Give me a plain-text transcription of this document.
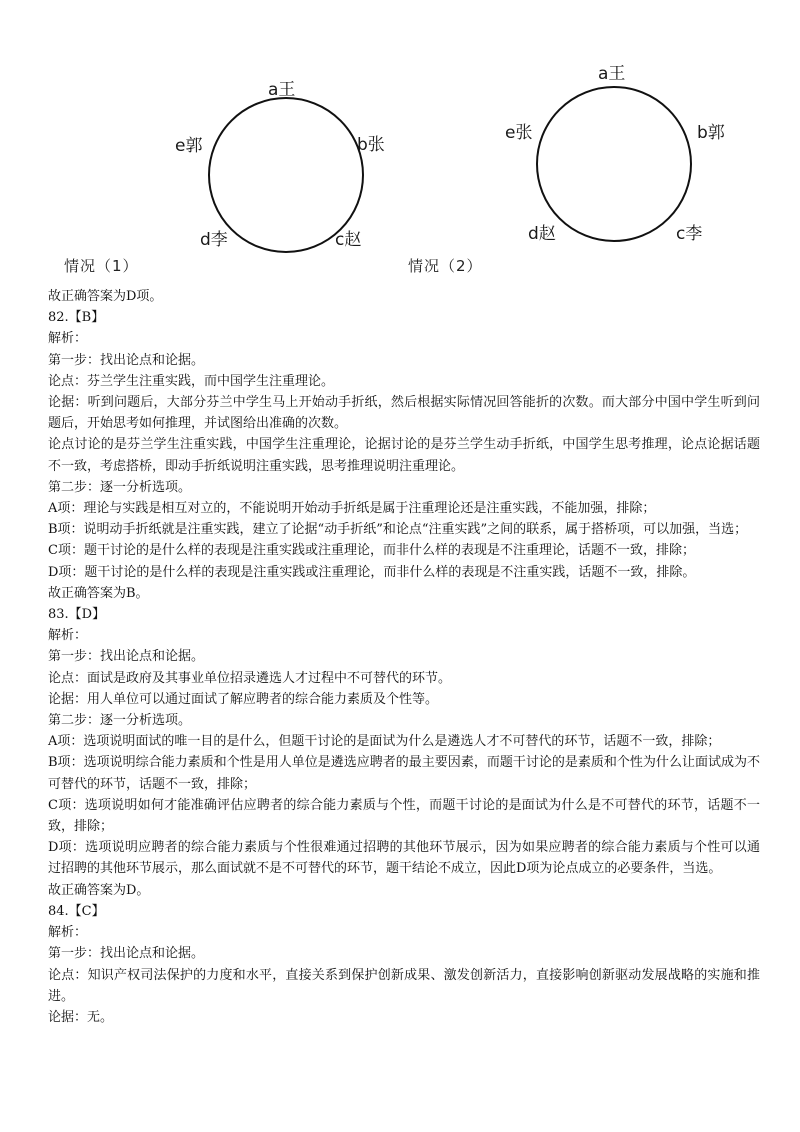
a王
b张
c赵
d李
e郭
情况（1）
a王
b郭
c李
d赵
e张
情况（2）
故正确答案为D项。
82.【B】
解析：
第一步：找出论点和论据。
论点：芬兰学生注重实践，而中国学生注重理论。
论据：听到问题后，大部分芬兰中学生马上开始动手折纸，然后根据实际情况回答能折的次数。而大部分中国中学生听到问题后，开始思考如何推理，并试图给出准确的次数。
论点讨论的是芬兰学生注重实践，中国学生注重理论，论据讨论的是芬兰学生动手折纸，中国学生思考推理，论点论据话题不一致，考虑搭桥，即动手折纸说明注重实践，思考推理说明注重理论。
第二步：逐一分析选项。
A项：理论与实践是相互对立的，不能说明开始动手折纸是属于注重理论还是注重实践，不能加强，排除；
B项：说明动手折纸就是注重实践，建立了论据“动手折纸”和论点“注重实践”之间的联系，属于搭桥项，可以加强，当选；
C项：题干讨论的是什么样的表现是注重实践或注重理论，而非什么样的表现是不注重理论，话题不一致，排除；
D项：题干讨论的是什么样的表现是注重实践或注重理论，而非什么样的表现是不注重实践，话题不一致，排除。
故正确答案为B。
83.【D】
解析：
第一步：找出论点和论据。
论点：面试是政府及其事业单位招录遴选人才过程中不可替代的环节。
论据：用人单位可以通过面试了解应聘者的综合能力素质及个性等。
第二步：逐一分析选项。
A项：选项说明面试的唯一目的是什么，但题干讨论的是面试为什么是遴选人才不可替代的环节，话题不一致，排除；
B项：选项说明综合能力素质和个性是用人单位是遴选应聘者的最主要因素，而题干讨论的是素质和个性为什么让面试成为不可替代的环节，话题不一致，排除；
C项：选项说明如何才能准确评估应聘者的综合能力素质与个性，而题干讨论的是面试为什么是不可替代的环节，话题不一致，排除；
D项：选项说明应聘者的综合能力素质与个性很难通过招聘的其他环节展示，因为如果应聘者的综合能力素质与个性可以通过招聘的其他环节展示，那么面试就不是不可替代的环节，题干结论不成立，因此D项为论点成立的必要条件，当选。
故正确答案为D。
84.【C】
解析：
第一步：找出论点和论据。
论点：知识产权司法保护的力度和水平，直接关系到保护创新成果、激发创新活力，直接影响创新驱动发展战略的实施和推进。
论据：无。
